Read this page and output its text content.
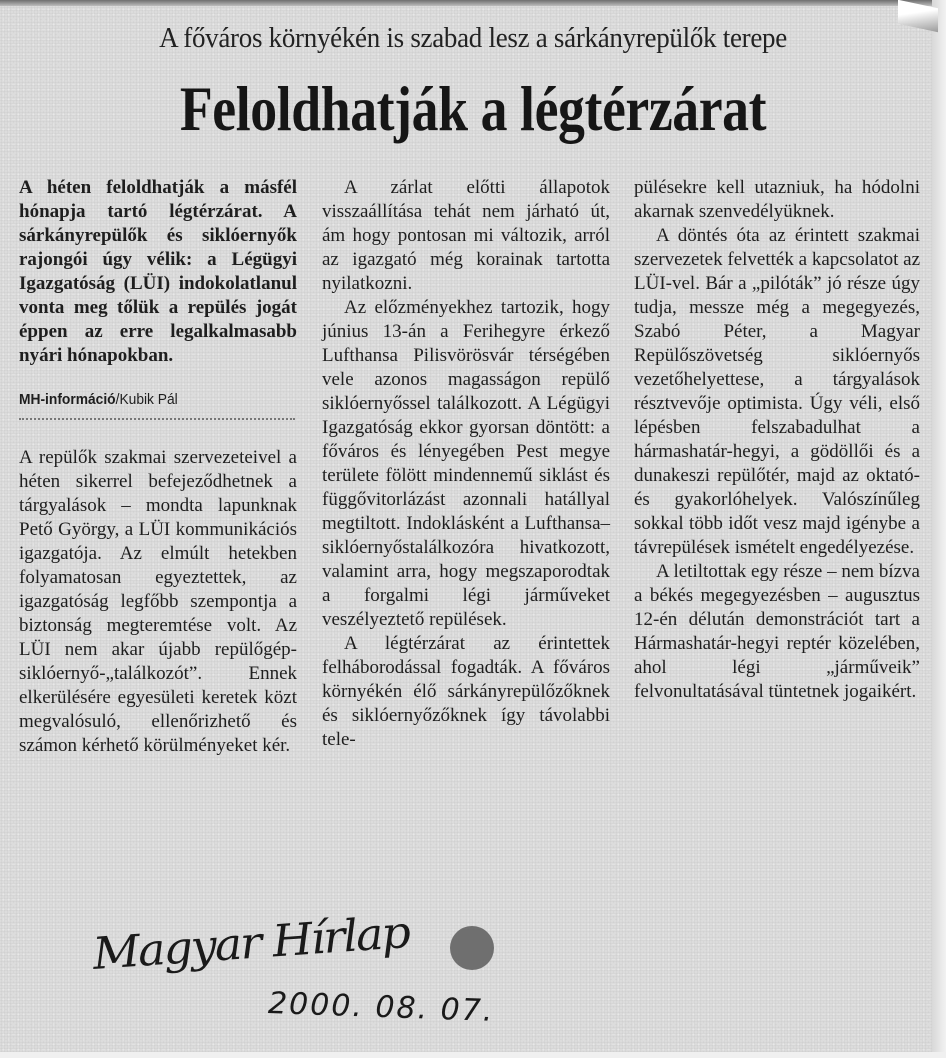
A főváros környékén is szabad lesz a sárkányrepülők terepe
Feloldhatják a légtérzárat

A héten feloldhatják a másfél hónapja tartó légtérzárat. A sárkányrepülők és siklóernyők rajongói úgy vélik: a Légügyi Igazgatóság (LÜI) indokolatlanul vonta meg tőlük a repülés jogát éppen az erre legalkalmasabb nyári hónapokban.

MH-információ/Kubik Pál

A repülők szakmai szervezeteivel a héten sikerrel befejeződhetnek a tárgyalások – mondta lapunknak Pető György, a LÜI kommunikációs igazgatója. Az elmúlt hetekben folyamatosan egyeztettek, az igazgatóság legfőbb szempontja a biztonság megteremtése volt. Az LÜI nem akar újabb repülőgép-siklóernyő-„találkozót”. Ennek elkerülésére egyesületi keretek közt megvalósuló, ellenőrizhető és számon kérhető körülményeket kér.

A zárlat előtti állapotok visszaállítása tehát nem járható út, ám hogy pontosan mi változik, arról az igazgató még korainak tartotta nyilatkozni.

Az előzményekhez tartozik, hogy június 13-án a Ferihegyre érkező Lufthansa Pilisvörösvár térségében vele azonos magasságon repülő siklóernyőssel találkozott. A Légügyi Igazgatóság ekkor gyorsan döntött: a főváros és lényegében Pest megye területe fölött mindennemű siklást és függővitorlázást azonnali hatállyal megtiltott. Indoklásként a Lufthansa–siklóernyőstalálkozóra hivatkozott, valamint arra, hogy megszaporodtak a forgalmi légi járműveket veszélyeztető repülések.

A légtérzárat az érintettek felháborodással fogadták. A főváros környékén élő sárkányrepülőzőknek és siklóernyőzőknek így távolabbi tele-

pülésekre kell utazniuk, ha hódolni akarnak szenvedélyüknek.

A döntés óta az érintett szakmai szervezetek felvették a kapcsolatot az LÜI-vel. Bár a „pilóták” jó része úgy tudja, messze még a megegyezés, Szabó Péter, a Magyar Repülőszövetség siklóernyős vezetőhelyettese, a tárgyalások résztvevője optimista. Úgy véli, első lépésben felszabadulhat a hármashatár-hegyi, a gödöllői és a dunakeszi repülőtér, majd az oktató- és gyakorlóhelyek. Valószínűleg sokkal több időt vesz majd igénybe a távrepülések ismételt engedélyezése.

A letiltottak egy része – nem bízva a békés megegyezésben – augusztus 12-én délután demonstrációt tart a Hármashatár-hegyi reptér közelében, ahol légi „járműveik” felvonultatásával tüntetnek jogaikért.

Magyar Hírlap
2000. 08. 07.
